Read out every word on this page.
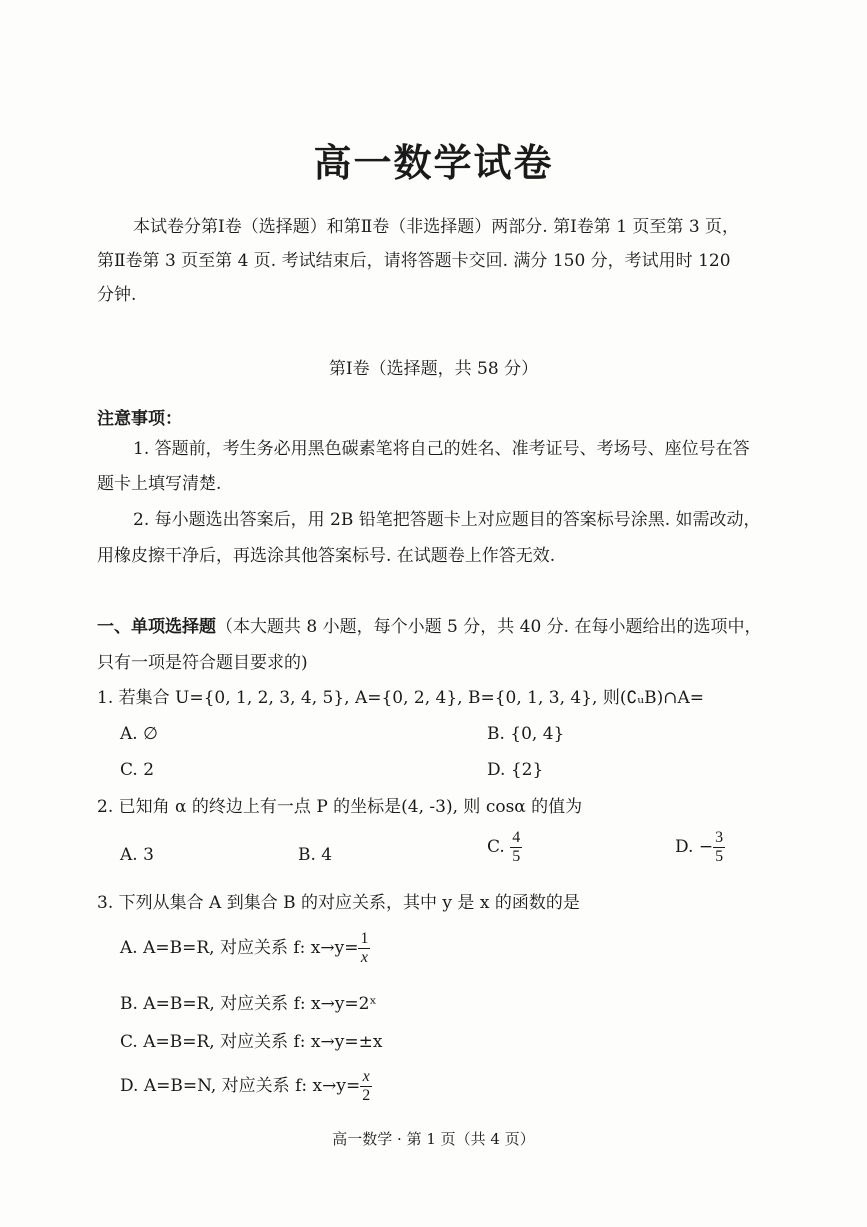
高一数学试卷
本试卷分第Ⅰ卷（选择题）和第Ⅱ卷（非选择题）两部分. 第Ⅰ卷第 1 页至第 3 页，
第Ⅱ卷第 3 页至第 4 页. 考试结束后，请将答题卡交回. 满分 150 分，考试用时 120
分钟.
第Ⅰ卷（选择题，共 58 分）
注意事项：
1. 答题前，考生务必用黑色碳素笔将自己的姓名、准考证号、考场号、座位号在答
题卡上填写清楚.
2. 每小题选出答案后，用 2B 铅笔把答题卡上对应题目的答案标号涂黑. 如需改动，
用橡皮擦干净后，再选涂其他答案标号. 在试题卷上作答无效.
一、单项选择题（本大题共 8 小题，每个小题 5 分，共 40 分. 在每小题给出的选项中，
只有一项是符合题目要求的)
1. 若集合 U={0, 1, 2, 3, 4, 5}, A={0, 2, 4}, B={0, 1, 3, 4}, 则(∁ᵤB)∩A=
A. ∅	B. {0, 4}
C. 2	D. {2}
2. 已知角 α 的终边上有一点 P 的坐标是(4, -3), 则 cosα 的值为
A. 3	B. 4	C. $\frac{4}{5}$	D. − $\frac{3}{5}$
3. 下列从集合 A 到集合 B 的对应关系，其中 y 是 x 的函数的是
A. A=B=R, 对应关系 f: $x\to y= \frac{1}{x}$
B. A=B=R, 对应关系 f: x→y=2ˣ
C. A=B=R, 对应关系 f: x→y=±x
D. A=B=N, 对应关系 f: $x\to y= \frac{x}{2}$
高一数学 · 第 1 页（共 4 页）
